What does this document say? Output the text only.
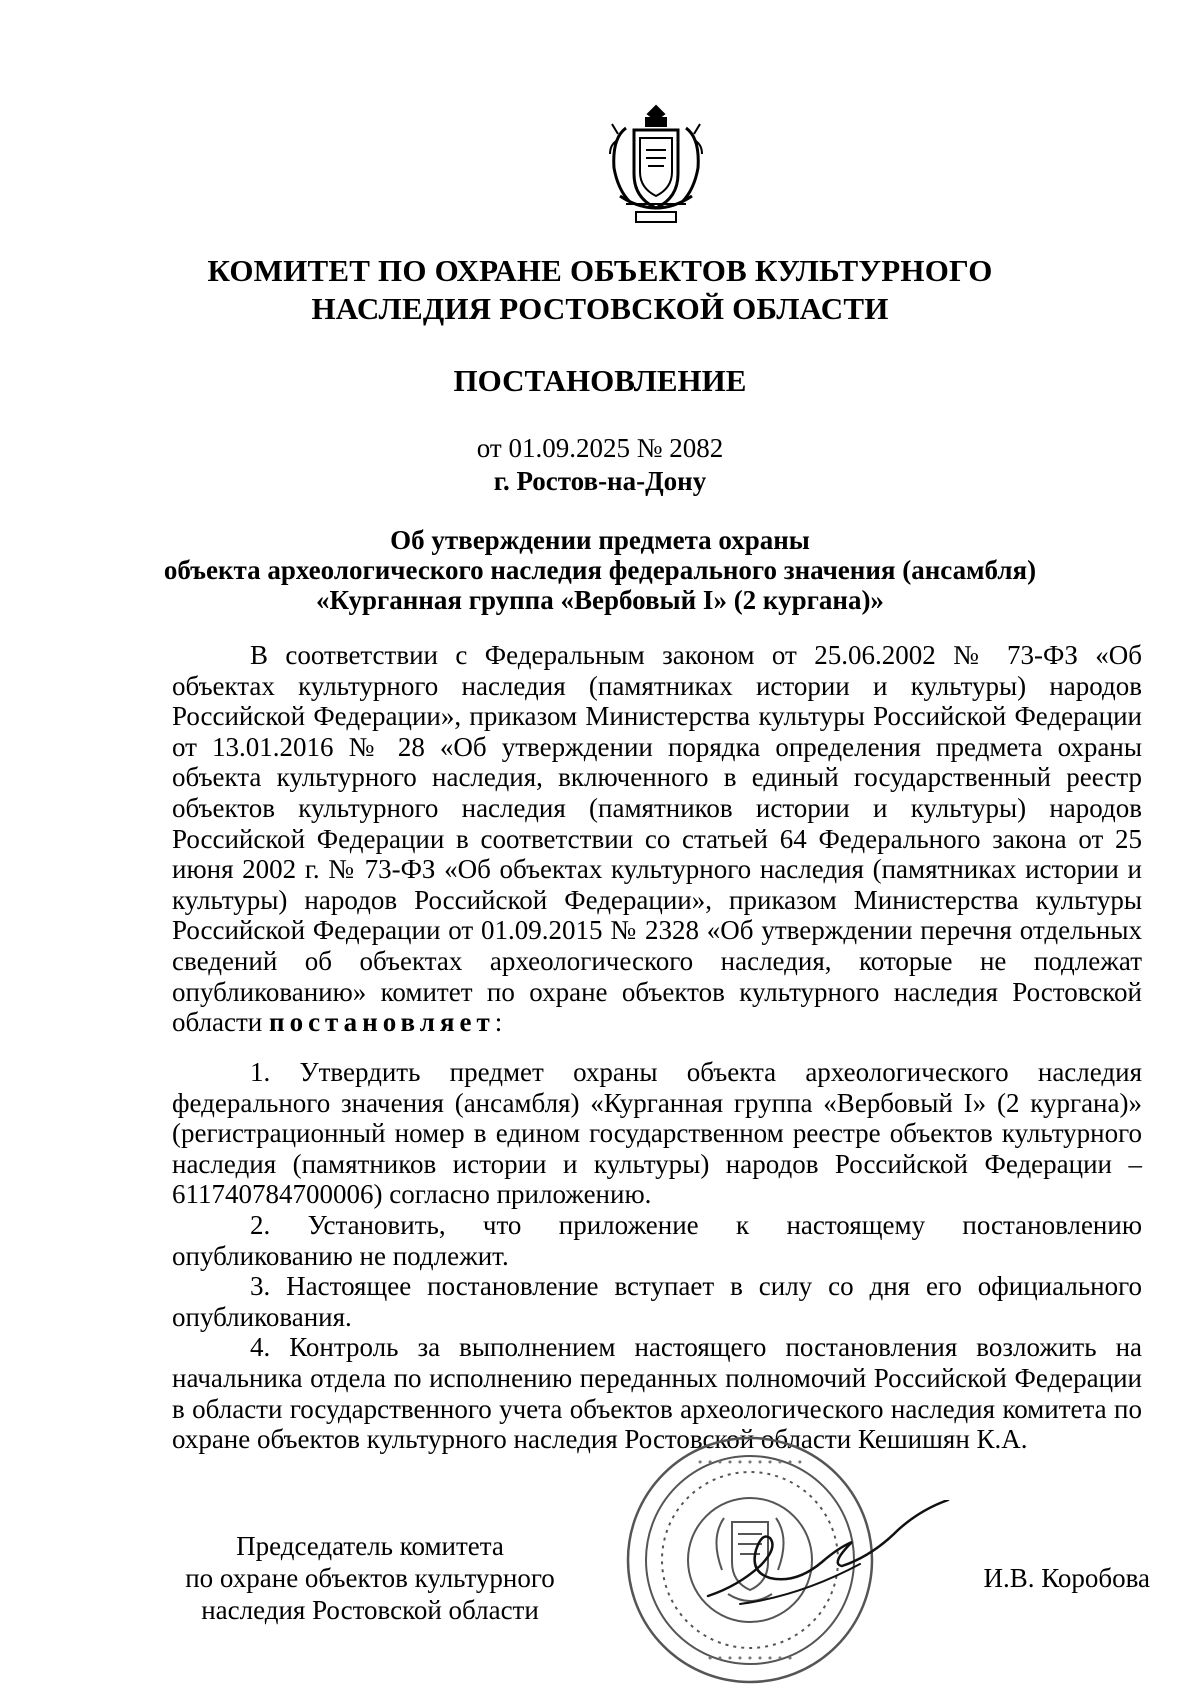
КОМИТЕТ ПО ОХРАНЕ ОБЪЕКТОВ КУЛЬТУРНОГО
НАСЛЕДИЯ РОСТОВСКОЙ ОБЛАСТИ
ПОСТАНОВЛЕНИЕ
от 01.09.2025 № 2082
г. Ростов-на-Дону
Об утверждении предмета охраны
объекта археологического наследия федерального значения (ансамбля)
«Курганная группа «Вербовый I» (2 кургана)»

В соответствии с Федеральным законом от 25.06.2002 № 73-ФЗ «Об объектах культурного наследия (памятниках истории и культуры) народов Российской Федерации», приказом Министерства культуры Российской Федерации от 13.01.2016 № 28 «Об утверждении порядка определения предмета охраны объекта культурного наследия, включенного в единый государственный реестр объектов культурного наследия (памятников истории и культуры) народов Российской Федерации в соответствии со статьей 64 Федерального закона от 25 июня 2002 г. № 73-ФЗ «Об объектах культурного наследия (памятниках истории и культуры) народов Российской Федерации», приказом Министерства культуры Российской Федерации от 01.09.2015 № 2328 «Об утверждении перечня отдельных сведений об объектах археологического наследия, которые не подлежат опубликованию» комитет по охране объектов культурного наследия Ростовской области постановляет:

1. Утвердить предмет охраны объекта археологического наследия федерального значения (ансамбля) «Курганная группа «Вербовый I» (2 кургана)» (регистрационный номер в едином государственном реестре объектов культурного наследия (памятников истории и культуры) народов Российской Федерации – 611740784700006) согласно приложению.

2. Установить, что приложение к настоящему постановлению опубликованию не подлежит.

3. Настоящее постановление вступает в силу со дня его официального опубликования.

4. Контроль за выполнением настоящего постановления возложить на начальника отдела по исполнению переданных полномочий Российской Федерации в области государственного учета объектов археологического наследия комитета по охране объектов культурного наследия Ростовской области Кешишян К.А.

• • • • • • • • • • •
• • • • • • • • •
Председатель комитета
по охране объектов культурного
наследия Ростовской области
И.В. Коробова
